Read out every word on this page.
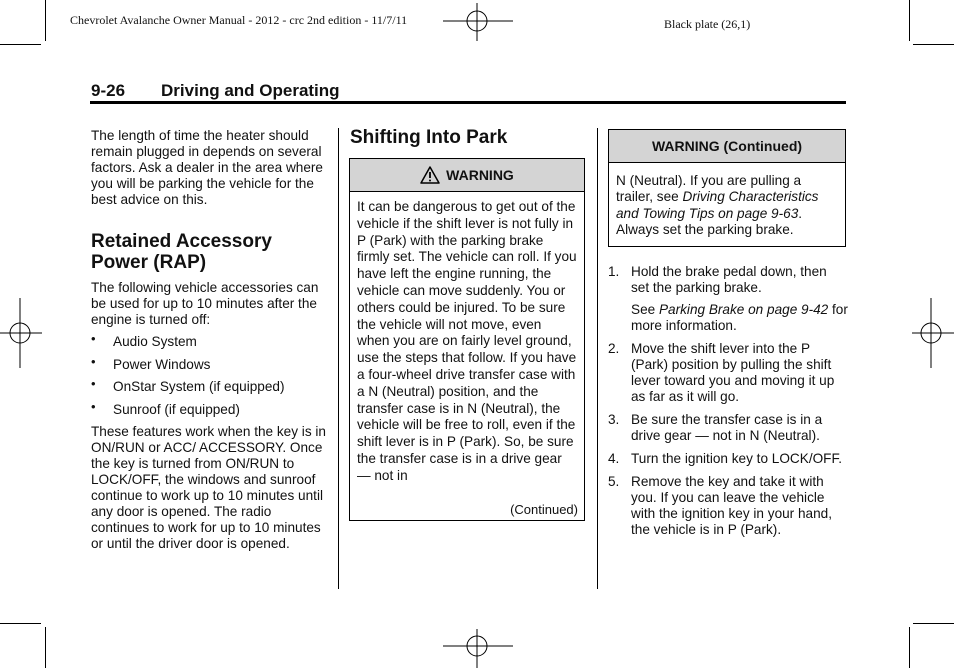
Chevrolet Avalanche Owner Manual - 2012 - crc 2nd edition - 11/7/11	Black plate (26,1)
9-26 Driving and Operating

The length of time the heater should remain plugged in depends on several factors. Ask a dealer in the area where you will be parking the vehicle for the best advice on this.

Retained Accessory Power (RAP)

The following vehicle accessories can be used for up to 10 minutes after the engine is turned off:

• Audio System
• Power Windows
• OnStar System (if equipped)
• Sunroof (if equipped)

These features work when the key is in ON/RUN or ACC/ ACCESSORY. Once the key is turned from ON/RUN to LOCK/OFF, the windows and sunroof continue to work up to 10 minutes until any door is opened. The radio continues to work for up to 10 minutes or until the driver door is opened.

Shifting Into Park
WARNING
It can be dangerous to get out of the vehicle if the shift lever is not fully in P (Park) with the parking brake firmly set. The vehicle can roll. If you have left the engine running, the vehicle can move suddenly. You or others could be injured. To be sure the vehicle will not move, even when you are on fairly level ground, use the steps that follow. If you have a four-wheel drive transfer case with a N (Neutral) position, and the transfer case is in N (Neutral), the vehicle will be free to roll, even if the shift lever is in P (Park). So, be sure the transfer case is in a drive gear — not in
(Continued)
WARNING (Continued)
N (Neutral). If you are pulling a trailer, see Driving Characteristics and Towing Tips on page 9-63. Always set the parking brake.
1. Hold the brake pedal down, then set the parking brake.

See Parking Brake on page 9-42 for more information.

2. Move the shift lever into the P (Park) position by pulling the shift lever toward you and moving it up as far as it will go.

3. Be sure the transfer case is in a drive gear — not in N (Neutral).

4. Turn the ignition key to LOCK/OFF.

5. Remove the key and take it with you. If you can leave the vehicle with the ignition key in your hand, the vehicle is in P (Park).
